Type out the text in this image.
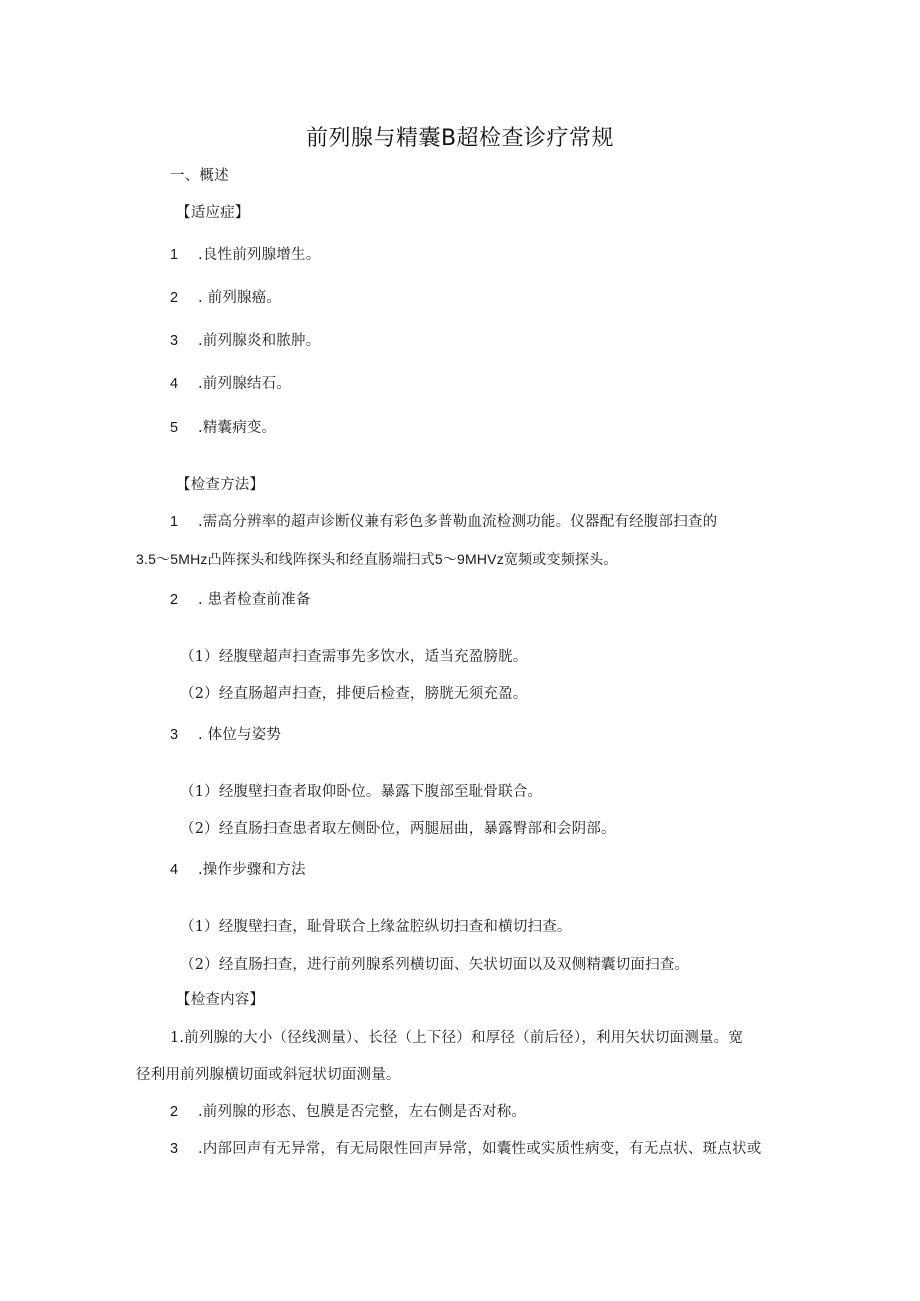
前列腺与精囊B超检查诊疗常规
一、概述
【适应症】
1 .良性前列腺增生。
2 . 前列腺癌。
3 .前列腺炎和脓肿。
4 .前列腺结石。
5 .精囊病变。
【检查方法】
1 .需高分辨率的超声诊断仪兼有彩色多普勒血流检测功能。仪器配有经腹部扫查的
3.5～5MHz凸阵探头和线阵探头和经直肠端扫式5～9MHVz宽频或变频探头。
2 . 患者检查前准备
（1）经腹壁超声扫查需事先多饮水，适当充盈膀胱。
（2）经直肠超声扫查，排便后检查，膀胱无须充盈。
3 . 体位与姿势
（1）经腹壁扫查者取仰卧位。暴露下腹部至耻骨联合。
（2）经直肠扫查患者取左侧卧位，两腿屈曲，暴露臀部和会阴部。
4 .操作步骤和方法
（1）经腹壁扫查，耻骨联合上缘盆腔纵切扫查和横切扫查。
（2）经直肠扫查，进行前列腺系列横切面、矢状切面以及双侧精囊切面扫查。
【检查内容】
1.前列腺的大小（径线测量）、长径（上下径）和厚径（前后径），利用矢状切面测量。宽
径利用前列腺横切面或斜冠状切面测量。
2 .前列腺的形态、包膜是否完整，左右侧是否对称。
3 .内部回声有无异常，有无局限性回声异常，如囊性或实质性病变，有无点状、斑点状或
